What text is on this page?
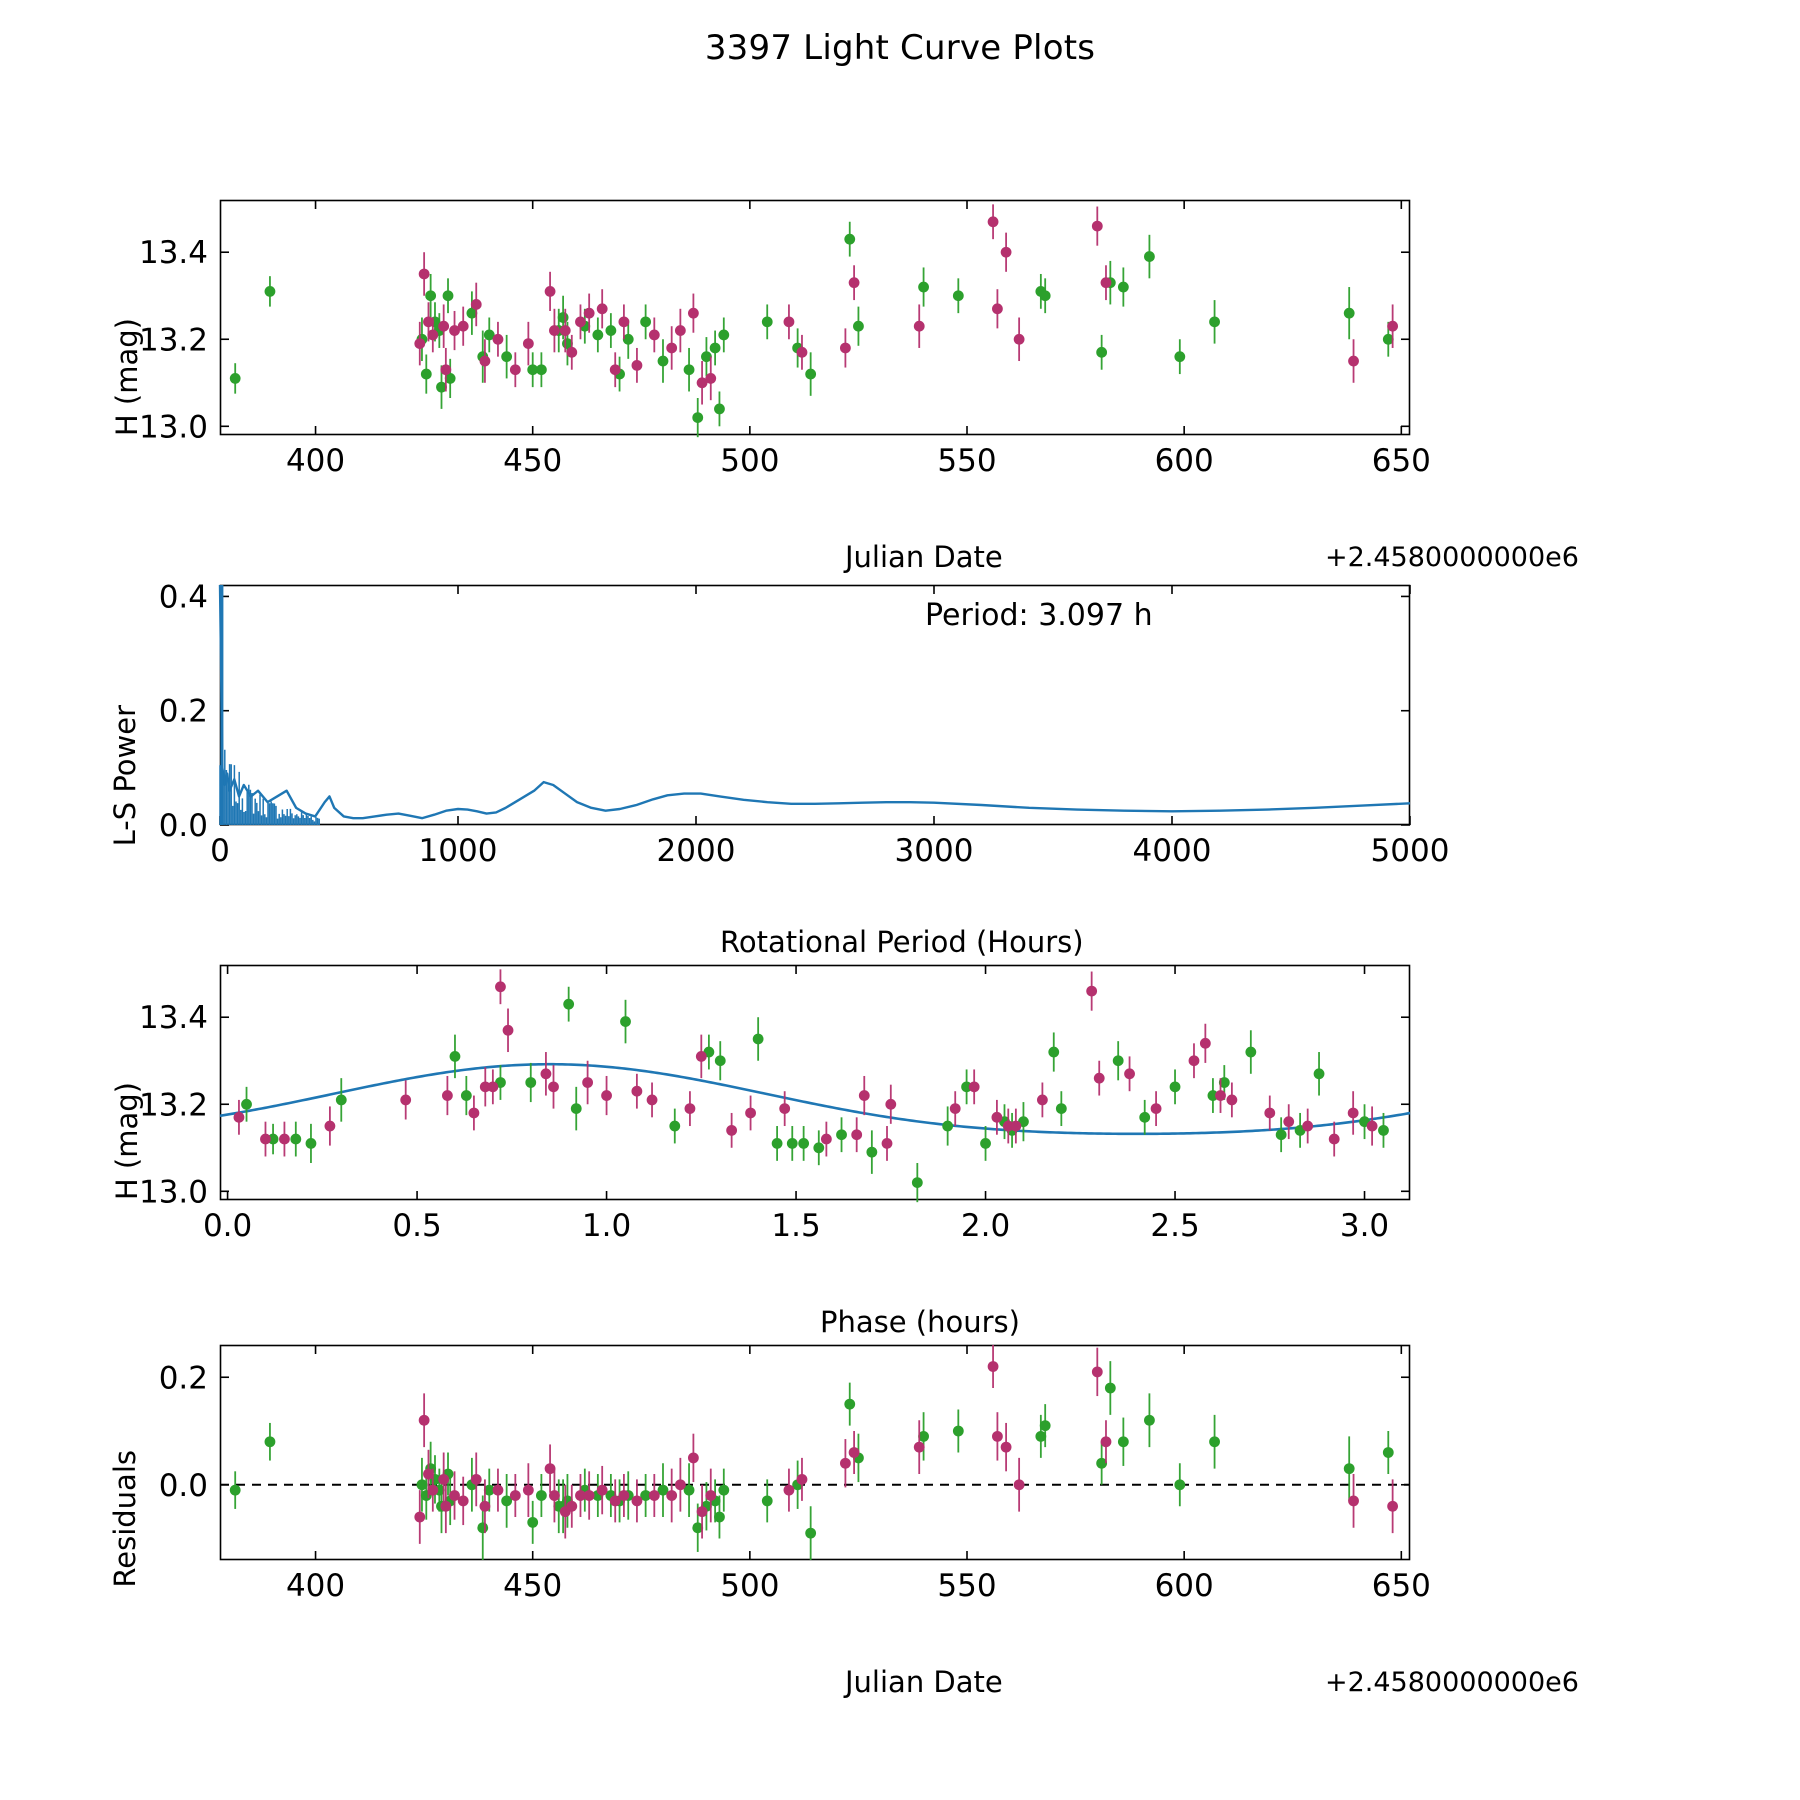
3397 Light Curve Plots
400	450	500	550	600	650
13.0
13.2
13.4
H (mag)
Julian Date	+2.4580000000e6
0	1000	2000	3000	4000	5000
0.0
0.2
0.4
L-S Power
Rotational Period (Hours)
Period: 3.097 h
0.0	0.5	1.0	1.5	2.0	2.5	3.0
13.0
13.2
13.4
H (mag)
Phase (hours)
400	450	500	550	600	650
0.0
0.2
Residuals
Julian Date	+2.4580000000e6
